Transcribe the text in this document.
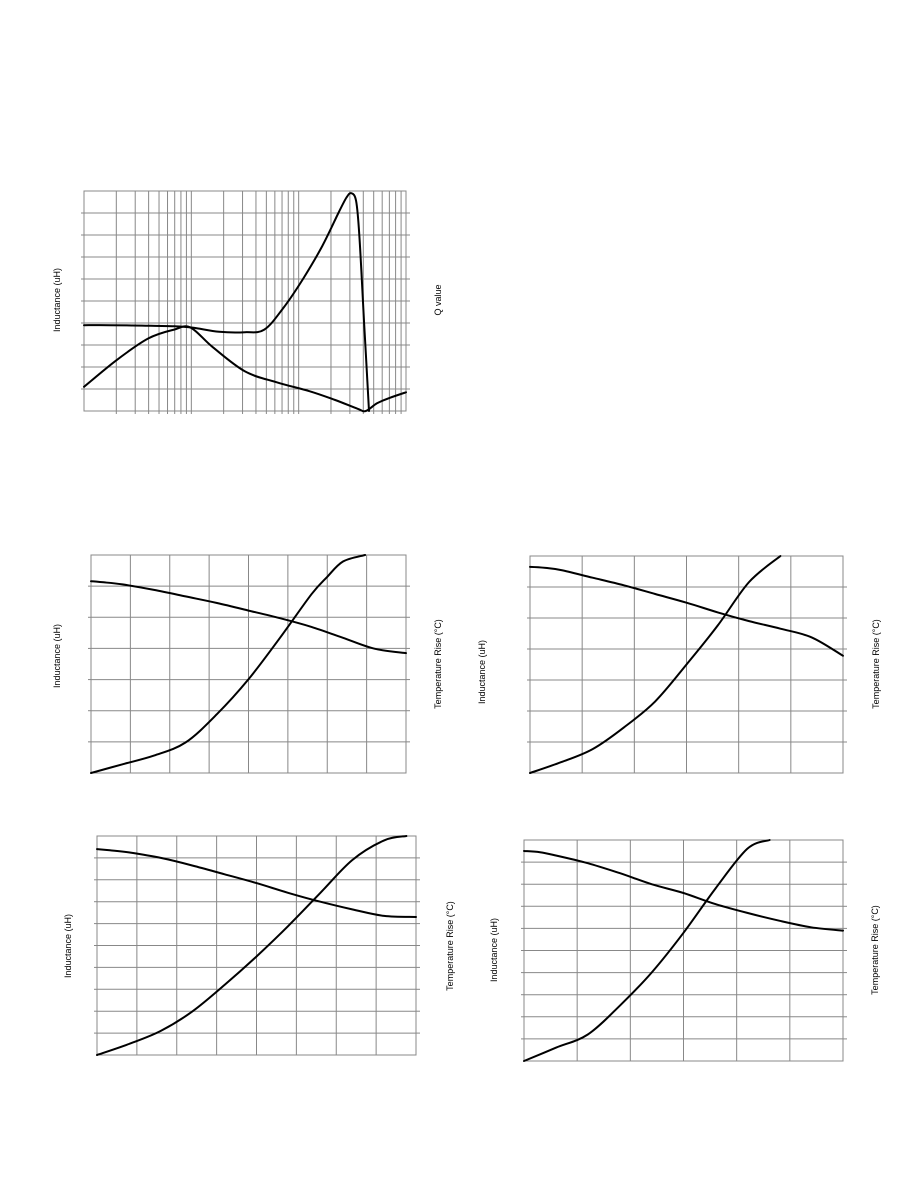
Inductance (uH)	Q value
Inductance (uH)	Temperature Rise (°C)
Inductance (uH)	Temperature Rise (°C)
Inductance (uH)	Temperature Rise (°C)
Inductance (uH)	Temperature Rise (°C)
